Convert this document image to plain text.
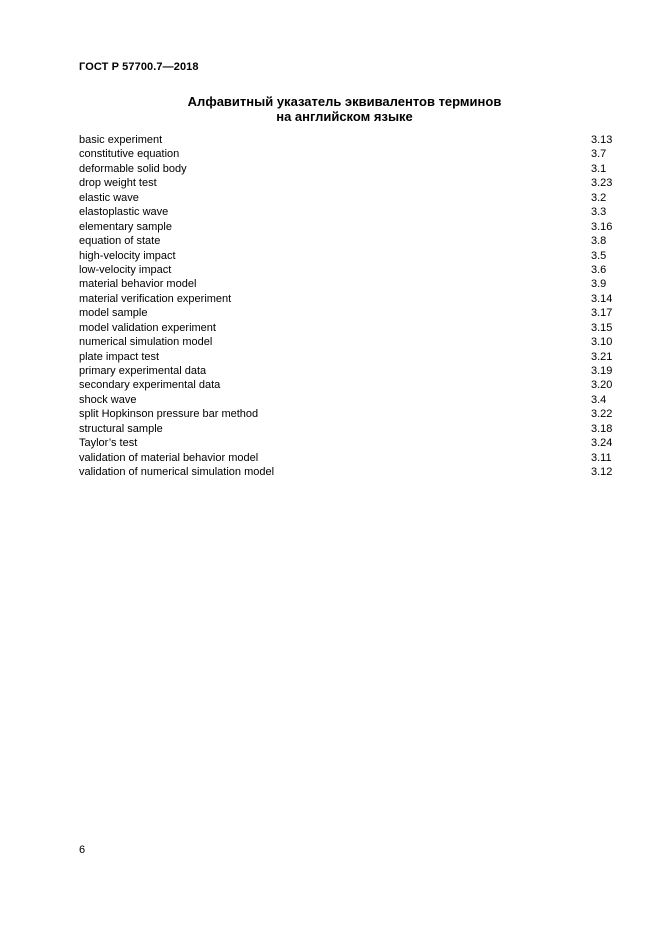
ГОСТ Р 57700.7—2018
Алфавитный указатель эквивалентов терминов
на английском языке
basic experiment	3.13
constitutive equation	3.7
deformable solid body	3.1
drop weight test	3.23
elastic wave	3.2
elastoplastic wave	3.3
elementary sample	3.16
equation of state	3.8
high-velocity impact	3.5
low-velocity impact	3.6
material behavior model	3.9
material verification experiment	3.14
model sample	3.17
model validation experiment	3.15
numerical simulation model	3.10
plate impact test	3.21
primary experimental data	3.19
secondary experimental data	3.20
shock wave	3.4
split Hopkinson pressure bar method	3.22
structural sample	3.18
Taylor’s test	3.24
validation of material behavior model	3.11
validation of numerical simulation model	3.12
6
